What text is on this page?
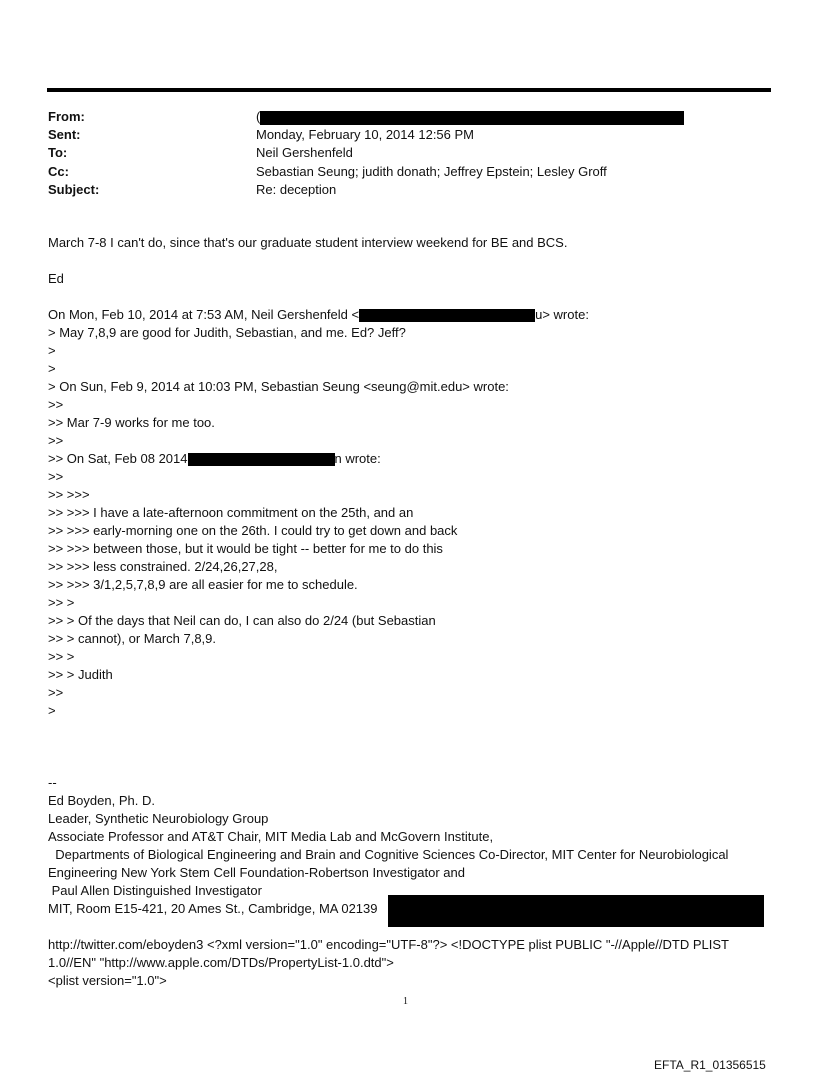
From:	(
Sent:	Monday, February 10, 2014 12:56 PM
To:	Neil Gershenfeld
Cc:	Sebastian Seung; judith donath; Jeffrey Epstein; Lesley Groff
Subject:	Re: deception
March 7-8 I can't do, since that's our graduate student interview weekend for BE and BCS.
Ed
On Mon, Feb 10, 2014 at 7:53 AM, Neil Gershenfeld <	u> wrote:
> May 7,8,9 are good for Judith, Sebastian, and me. Ed? Jeff?
>
>
> On Sun, Feb 9, 2014 at 10:03 PM, Sebastian Seung <seung@mit.edu> wrote:
>>
>> Mar 7-9 works for me too.
>>
>> On Sat, Feb 08 2014	n wrote:
>>
>> >>>
>> >>> I have a late-afternoon commitment on the 25th, and an
>> >>> early-morning one on the 26th. I could try to get down and back
>> >>> between those, but it would be tight -- better for me to do this
>> >>> less constrained. 2/24,26,27,28,
>> >>> 3/1,2,5,7,8,9 are all easier for me to schedule.
>> >
>> > Of the days that Neil can do, I can also do 2/24 (but Sebastian
>> > cannot), or March 7,8,9.
>> >
>> > Judith
>>
>
--
Ed Boyden, Ph. D.
Leader, Synthetic Neurobiology Group
Associate Professor and AT&T Chair, MIT Media Lab and McGovern Institute,
Departments of Biological Engineering and Brain and Cognitive Sciences Co-Director, MIT Center for Neurobiological
Engineering New York Stem Cell Foundation-Robertson Investigator and
Paul Allen Distinguished Investigator
MIT, Room E15-421, 20 Ames St., Cambridge, MA 02139
http://twitter.com/eboyden3 <?xml version="1.0" encoding="UTF-8"?> <!DOCTYPE plist PUBLIC "-//Apple//DTD PLIST 1.0//EN" "http://www.apple.com/DTDs/PropertyList-1.0.dtd">
<plist version="1.0">
1
EFTA_R1_01356515
